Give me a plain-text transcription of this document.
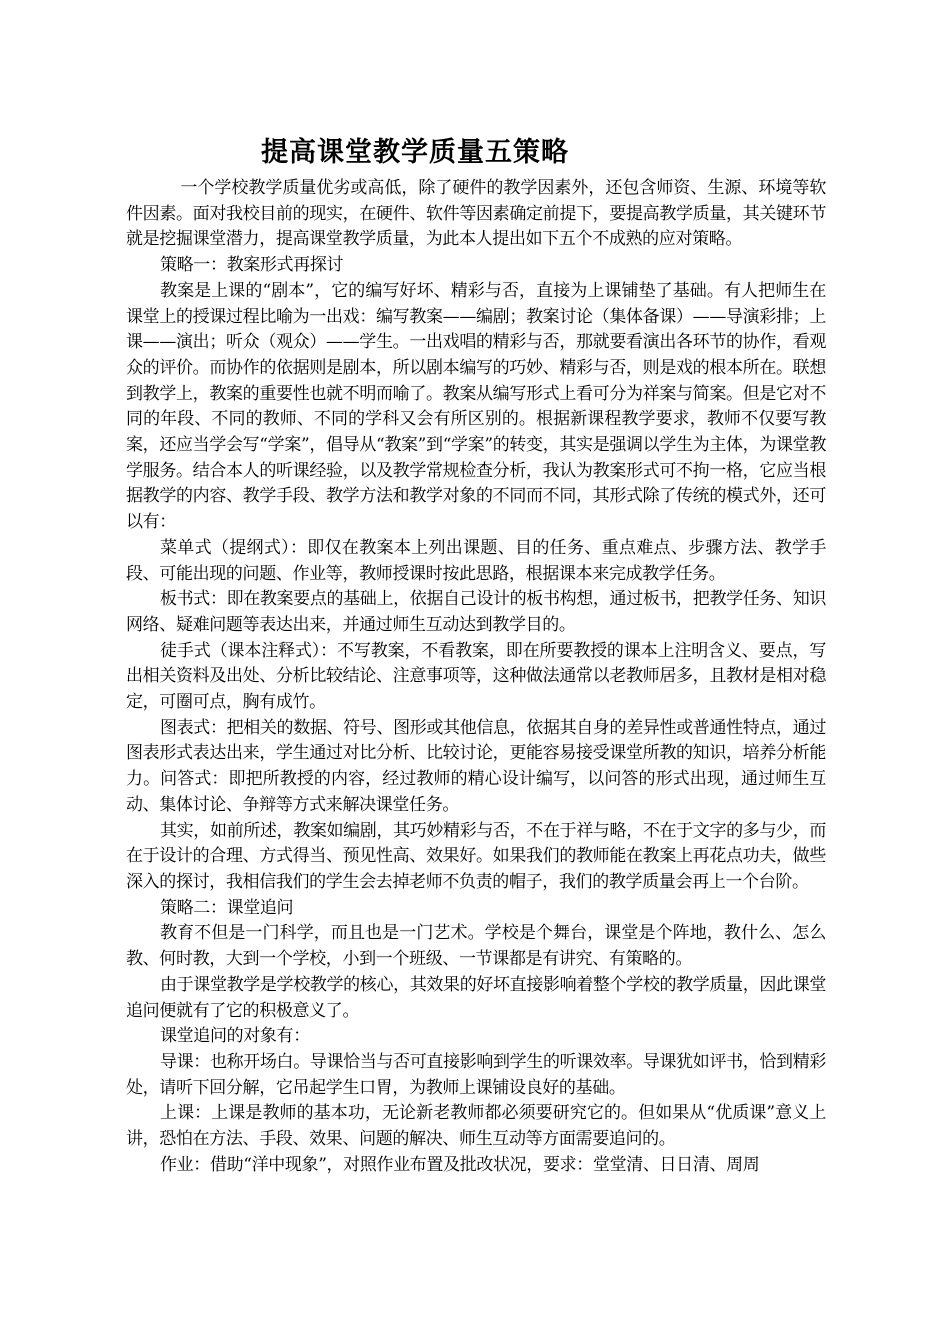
提高课堂教学质量五策略

一个学校教学质量优劣或高低，除了硬件的教学因素外，还包含师资、生源、环境等软件因素。面对我校目前的现实，在硬件、软件等因素确定前提下，要提高教学质量，其关键环节就是挖掘课堂潜力，提高课堂教学质量，为此本人提出如下五个不成熟的应对策略。

策略一：教案形式再探讨

教案是上课的“剧本”，它的编写好坏、精彩与否，直接为上课铺垫了基础。有人把师生在课堂上的授课过程比喻为一出戏：编写教案——编剧；教案讨论（集体备课）——导演彩排；上课——演出；听众（观众）——学生。一出戏唱的精彩与否，那就要看演出各环节的协作，看观众的评价。而协作的依据则是剧本，所以剧本编写的巧妙、精彩与否，则是戏的根本所在。联想到教学上，教案的重要性也就不明而喻了。教案从编写形式上看可分为祥案与简案。但是它对不同的年段、不同的教师、不同的学科又会有所区别的。根据新课程教学要求，教师不仅要写教案，还应当学会写“学案”，倡导从“教案”到“学案”的转变，其实是强调以学生为主体，为课堂教学服务。结合本人的听课经验，以及教学常规检查分析，我认为教案形式可不拘一格，它应当根据教学的内容、教学手段、教学方法和教学对象的不同而不同，其形式除了传统的模式外，还可以有：

菜单式（提纲式）：即仅在教案本上列出课题、目的任务、重点难点、步骤方法、教学手段、可能出现的问题、作业等，教师授课时按此思路，根据课本来完成教学任务。

板书式：即在教案要点的基础上，依据自己设计的板书构想，通过板书，把教学任务、知识网络、疑难问题等表达出来，并通过师生互动达到教学目的。

徒手式（课本注释式）：不写教案，不看教案，即在所要教授的课本上注明含义、要点，写出相关资料及出处、分析比较结论、注意事项等，这种做法通常以老教师居多，且教材是相对稳定，可圈可点，胸有成竹。

图表式：把相关的数据、符号、图形或其他信息，依据其自身的差异性或普通性特点，通过图表形式表达出来，学生通过对比分析、比较讨论，更能容易接受课堂所教的知识，培养分析能力。问答式：即把所教授的内容，经过教师的精心设计编写，以问答的形式出现，通过师生互动、集体讨论、争辩等方式来解决课堂任务。

其实，如前所述，教案如编剧，其巧妙精彩与否，不在于祥与略，不在于文字的多与少，而在于设计的合理、方式得当、预见性高、效果好。如果我们的教师能在教案上再花点功夫，做些深入的探讨，我相信我们的学生会去掉老师不负责的帽子，我们的教学质量会再上一个台阶。

策略二：课堂追问

教育不但是一门科学，而且也是一门艺术。学校是个舞台，课堂是个阵地，教什么、怎么教、何时教，大到一个学校，小到一个班级、一节课都是有讲究、有策略的。

由于课堂教学是学校教学的核心，其效果的好坏直接影响着整个学校的教学质量，因此课堂追问便就有了它的积极意义了。

课堂追问的对象有：

导课：也称开场白。导课恰当与否可直接影响到学生的听课效率。导课犹如评书，恰到精彩处，请听下回分解，它吊起学生口胃，为教师上课铺设良好的基础。

上课：上课是教师的基本功，无论新老教师都必须要研究它的。但如果从“优质课”意义上讲，恐怕在方法、手段、效果、问题的解决、师生互动等方面需要追问的。

作业：借助“洋中现象”，对照作业布置及批改状况，要求：堂堂清、日日清、周周
